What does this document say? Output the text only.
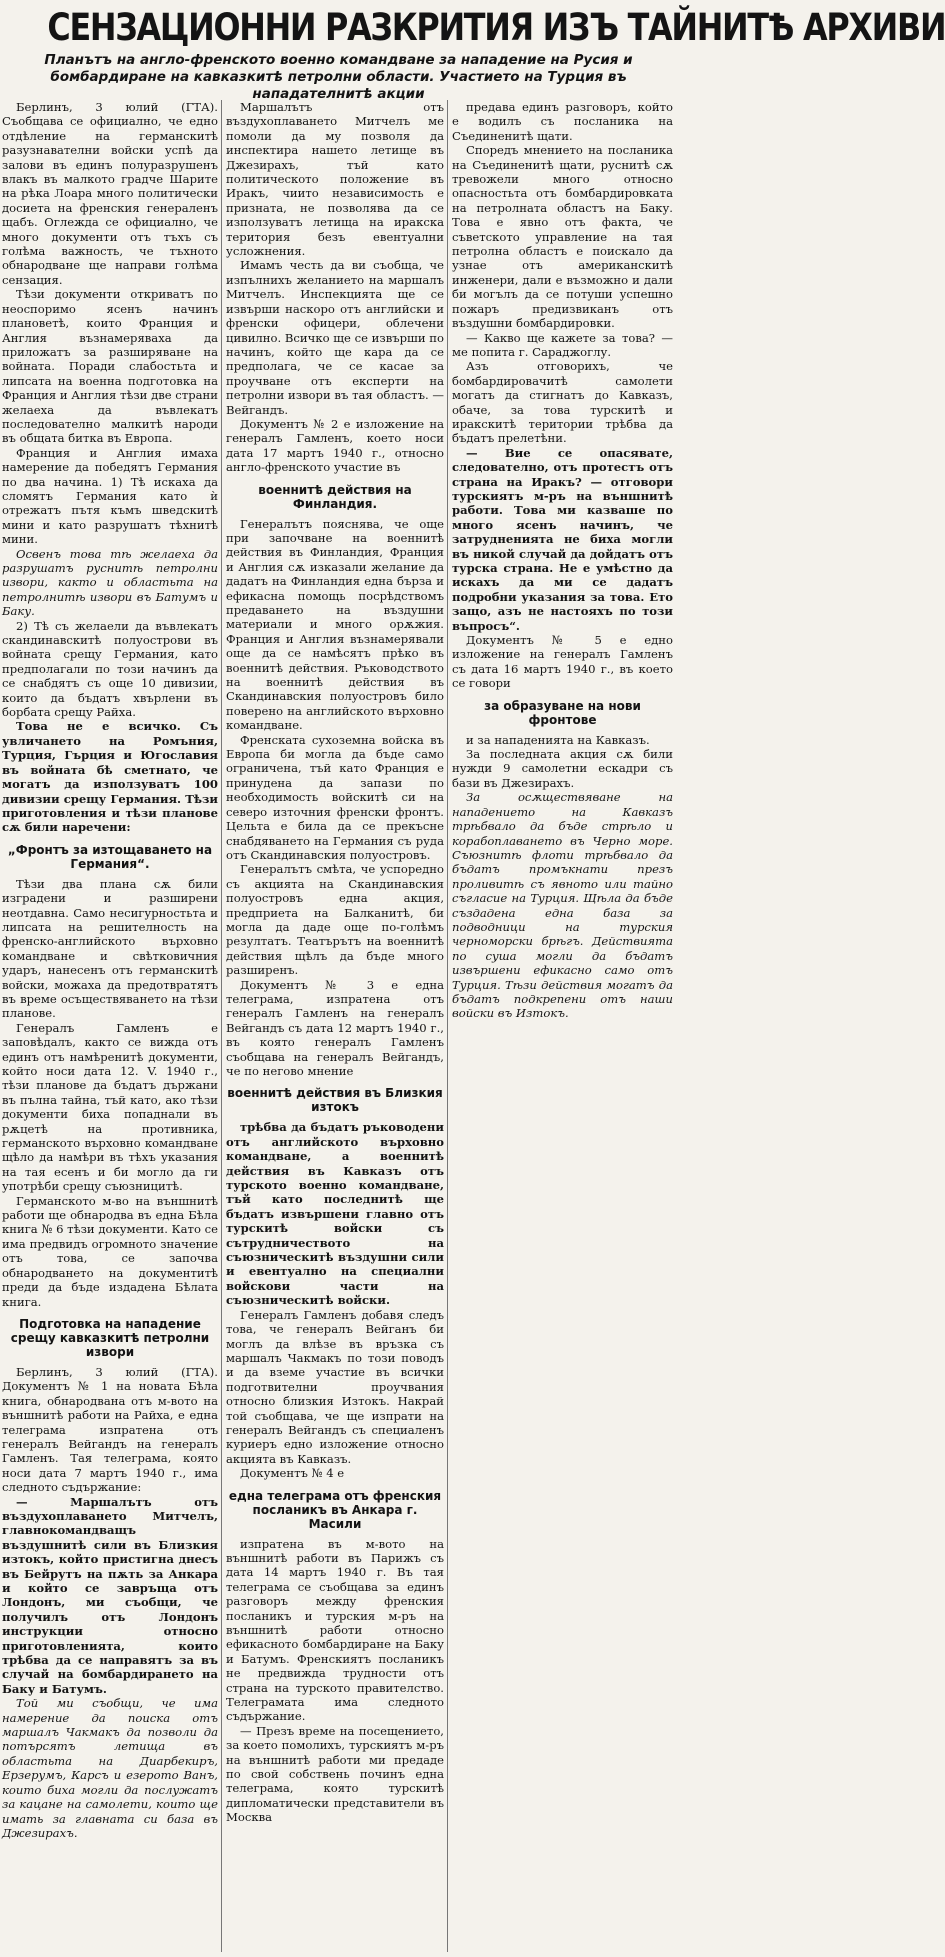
СЕНЗАЦИОННИ РАЗКРИТИЯ ИЗЪ ТАЙНИТѢ АРХИВИ
Планътъ на англо-френското военно командване за нападение на Русия и бомбардиране на кавказкитѣ петролни области. Участието на Турция въ нападателнитѣ акции

Берлинъ, 3 юлий (ГТА). Съобщава се официално, че едно отдѣление на германскитѣ разузнавателни войски успѣ да залови въ единъ полуразрушенъ влакъ въ малкото градче Шарите на рѣка Лоара много политически досиета на френския генераленъ щабъ. Оглежда се официално, че много документи отъ тъхъ съ голѣма важность, че тъхното обнародване ще направи голѣма сензация.

Тѣзи документи откриватъ по неоспоримо ясенъ начинъ плановетѣ, които Франция и Англия възнамеряваха да приложатъ за разширяване на войната. Поради слабостьта и липсата на военна подготовка на Франция и Англия тѣзи две страни желаеха да въвлекатъ последователно малкитѣ народи въ общата битка въ Европа.

Франция и Англия имаха намерение да победятъ Германия по два начина. 1) Тѣ искаха да сломятъ Германия като ѝ отрежатъ пътя къмъ шведскитѣ мини и като разрушатъ тѣхнитѣ мини.

Освенъ това тѣ желаеха да разрушатъ руснитѣ петролни извори, както и областьта на петролнитѣ извори въ Батумъ и Баку.

2) Тѣ съ желаели да въвлекатъ скандинавскитѣ полуострови въ войната срещу Германия, като предполагали по този начинъ да се снабдятъ съ още 10 дивизии, които да бъдатъ хвърлени въ борбата срещу Райха.

Това не е всичко. Съ увличането на Ромъния, Турция, Гърция и Югославия въ войната бѣ сметнато, че могатъ да използуватъ 100 дивизии срещу Германия. Тѣзи приготовления и тѣзи планове сѫ били наречени:

„Фронтъ за изтощаването на Германия“.

Тѣзи два плана сѫ били изградени и разширени неотдавна. Само несигурностьта и липсата на решителность на френско-английското върховно командване и свѣтковичния ударъ, нанесенъ отъ германскитѣ войски, можаха да предотвратятъ въ време осъществяването на тѣзи планове.

Генералъ Гамленъ е заповѣдалъ, както се вижда отъ единъ отъ намѣренитѣ документи, който носи дата 12. V. 1940 г., тѣзи планове да бъдатъ държани въ пълна тайна, тъй като, ако тѣзи документи биха попаднали въ рѫцетѣ на противника, германското върховно командване щѣло да намѣри въ тѣхъ указания на тая есенъ и би могло да ги употрѣби срещу съюзницитѣ.

Германското м-во на външнитѣ работи ще обнародва въ една Бѣла книга № 6 тѣзи документи. Като се има предвидъ огромното значение отъ това, се започва обнародването на документитѣ преди да бъде издадена Бѣлата книга.

Подготовка на нападение срещу кавказкитѣ петролни извори

Берлинъ, 3 юлий (ГТА). Документъ № 1 на новата Бѣла книга, обнародвана отъ м-вото на външнитѣ работи на Райха, е една телеграма изпратена отъ генералъ Вейгандъ на генералъ Гамленъ. Тая телеграма, която носи дата 7 мартъ 1940 г., има следното съдържание:

— Маршалътъ отъ въздухоплаването Митчелъ, главнокомандващъ въздушнитѣ сили въ Близкия изтокъ, който пристигна днесъ въ Бейрутъ на пѫть за Анкара и който се завръща отъ Лондонъ, ми съобщи, че получилъ отъ Лондонъ инструкции относно приготовленията, които трѣбва да се направятъ за въ случай на бомбардирането на Баку и Батумъ.

Той ми съобщи, че има намерение да поиска отъ маршалъ Чакмакъ да позволи да потърсятъ летища въ областьта на Диарбекиръ, Ерзерумъ, Карсъ и езерото Ванъ, които биха могли да послужатъ за кацане на самолети, които ще имать за главната си база въ Джезирахъ.

Маршалътъ отъ въздухоплаването Митчелъ ме помоли да му позволя да инспектира нашето летище въ Джезирахъ, тъй като политическото положение въ Иракъ, чиито независимость е призната, не позволява да се използуватъ летища на иракска територия безъ евентуални усложнения.

Имамъ честь да ви съобща, че изпълнихъ желанието на маршалъ Митчелъ. Инспекцията ще се извърши наскоро отъ английски и френски офицери, облечени цивилно. Всичко ще се извърши по начинъ, който ще кара да се предполага, че се касае за проучване отъ експерти на петролни извори въ тая областъ. — Вейгандъ.

Документъ № 2 е изложение на генералъ Гамленъ, което носи дата 17 мартъ 1940 г., относно англо-френското участие въ

военнитѣ действия на Финландия.

Генералътъ пояснява, че още при започване на военнитѣ действия въ Финландия, Франция и Англия сѫ изказали желание да дадатъ на Финландия една бърза и ефикасна помощь посрѣдствомъ предаването на въздушни материали и много орѫжия. Франция и Англия възнамерявали още да се намѣсятъ прѣко въ военнитѣ действия. Ръководството на военнитѣ действия въ Скандинавския полуостровъ било поверено на английското върховно командване.

Френската сухоземна войска въ Европа би могла да бъде само ограничена, тъй като Франция е принудена да запази по необходимость войскитѣ си на северо източния френски фронтъ. Цельта е била да се прекъсне снабдяването на Германия съ руда отъ Скандинавския полуостровъ.

Генералътъ смѣта, че успоредно съ акцията на Скандинавския полуостровъ една акция, предприета на Балканитѣ, би могла да даде още по-голѣмъ резултатъ. Театърътъ на военнитѣ действия щѣлъ да бъде много разширенъ.

Документъ № 3 е една телеграма, изпратена отъ генералъ Гамленъ на генералъ Вейгандъ съ дата 12 мартъ 1940 г., въ която генералъ Гамленъ съобщава на генералъ Вейгандъ, че по негово мнение

военнитѣ действия въ Близкия изтокъ

трѣбва да бъдатъ ръководени отъ английското върховно командване, а военнитѣ действия въ Кавказъ отъ турското военно командване, тъй като последнитѣ ще бъдатъ извършени главно отъ турскитѣ войски съ сътрудничеството на съюзническитѣ въздушни сили и евентуално на специални войскови части на съюзническитѣ войски.

Генералъ Гамленъ добавя следъ това, че генералъ Вейганъ би моглъ да влѣзе въ връзка съ маршалъ Чакмакъ по този поводъ и да вземе участие въ всички подготвителни проучвания относно близкия Изтокъ. Накрай той съобщава, че ще изпрати на генералъ Вейгандъ съ специаленъ куриеръ едно изложение относно акцията въ Кавказъ.

Документъ № 4 е

една телеграма отъ френския посланикъ въ Анкара г. Масили

изпратена въ м-вото на външнитѣ работи въ Парижъ съ дата 14 мартъ 1940 г. Въ тая телеграма се съобщава за единъ разговоръ между френския посланикъ и турския м-ръ на външнитѣ работи относно ефикасното бомбардиране на Баку и Батумъ. Френскиятъ посланикъ не предвижда трудности отъ страна на турското правителство. Телеграмата има следното съдържание.

— Презъ време на посещението, за което помолихъ, турскиятъ м-ръ на външнитѣ работи ми предаде по свой собствень починъ една телеграма, която турскитѣ дипломатически представители въ Москва

предава единъ разговоръ, който е водилъ съ посланика на Съединенитѣ щати.

Споредъ мнението на посланика на Съединенитѣ щати, руснитѣ сѫ тревожели много относно опасностьта отъ бомбардировката на петролната областъ на Баку. Това е явно отъ факта, че съветското управление на тая петролна областъ е поискало да узнае отъ американскитѣ инженери, дали е възможно и дали би могълъ да се потуши успешно пожаръ предизвиканъ отъ въздушни бомбардировки.

— Какво ще кажете за това? — ме попита г. Сараджоглу.

Азъ отговорихъ, че бомбардировачитѣ самолети могатъ да стигнатъ до Кавказъ, обаче, за това турскитѣ и иракскитѣ територии трѣбва да бъдатъ прелетѣни.

— Вие се опасявате, следователно, отъ протестъ отъ страна на Иракъ? — отговори турскиятъ м-ръ на външнитѣ работи. Това ми казваше по много ясенъ начинъ, че затрудненията не биха могли въ никой случай да дойдатъ отъ турска страна. Не е умѣстно да искахъ да ми се дадатъ подробни указания за това. Ето защо, азъ не настояхъ по този въпросъ“.

Документъ № 5 е едно изложение на генералъ Гамленъ съ дата 16 мартъ 1940 г., въ което се говори

за образуване на нови фронтове

и за нападенията на Кавказъ.

За последната акция сѫ били нужди 9 самолетни ескадри съ бази въ Джезирахъ.

За осѫществяване на нападението на Кавказъ трѣбвало да бъде стрѣло и корабоплаването въ Черно море. Съюзнитѣ флоти трѣбвало да бъдатъ промъкнати презъ проливитѣ съ явното или тайно съгласие на Турция. Щѣла да бъде създадена една база за подводници на турския черноморски брѣгъ. Действията по суша могли да бъдатъ извършени ефикасно само отъ Турция. Тѣзи действия могатъ да бъдатъ подкрепени отъ наши войски въ Изтокъ.
